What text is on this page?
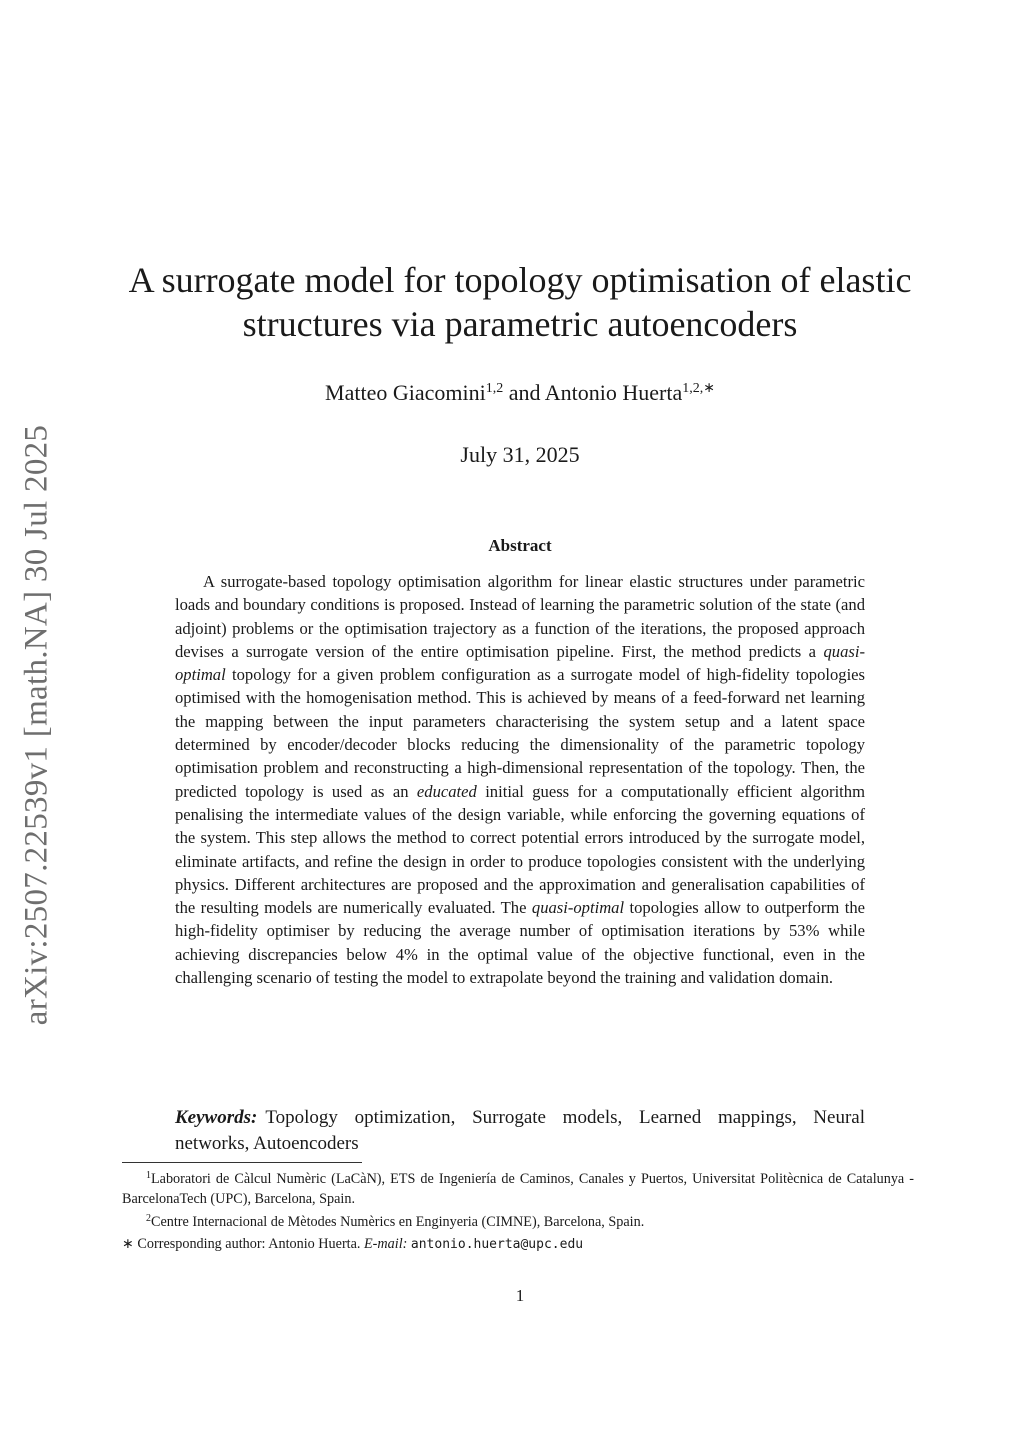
arXiv:2507.22539v1 [math.NA] 30 Jul 2025
A surrogate model for topology optimisation of elastic structures via parametric autoencoders
Matteo Giacomini$^{1,2}$ and Antonio Huerta$^{1,2,∗}$
July 31, 2025
Abstract
A surrogate-based topology optimisation algorithm for linear elastic structures under parametric loads and boundary conditions is proposed. Instead of learning the parametric solution of the state (and adjoint) problems or the optimisation trajectory as a function of the iterations, the proposed approach devises a surrogate version of the entire optimisation pipeline. First, the method predicts a quasi-optimal topology for a given problem configuration as a surrogate model of high-fidelity topologies optimised with the homogenisation method. This is achieved by means of a feed-forward net learning the mapping between the input parameters characterising the system setup and a latent space determined by encoder/decoder blocks reducing the dimensionality of the parametric topology optimisation problem and reconstructing a high-dimensional representation of the topology. Then, the predicted topology is used as an educated initial guess for a computationally efficient algorithm penalising the intermediate values of the design variable, while enforcing the governing equations of the system. This step allows the method to correct potential errors introduced by the surrogate model, eliminate artifacts, and refine the design in order to produce topologies consistent with the underlying physics. Different architectures are proposed and the approximation and generalisation capabilities of the resulting models are numerically evaluated. The quasi-optimal topologies allow to outperform the high-fidelity optimiser by reducing the average number of optimisation iterations by 53% while achieving discrepancies below 4% in the optimal value of the objective functional, even in the challenging scenario of testing the model to extrapolate beyond the training and validation domain.
Keywords: Topology optimization, Surrogate models, Learned mappings, Neural networks, Autoencoders
$^1$Laboratori de Càlcul Numèric (LaCàN), ETS de Ingeniería de Caminos, Canales y Puertos, Universitat Politècnica de Catalunya - BarcelonaTech (UPC), Barcelona, Spain.
$^2$Centre Internacional de Mètodes Numèrics en Enginyeria (CIMNE), Barcelona, Spain.
∗ Corresponding author: Antonio Huerta. E-mail: antonio.huerta@upc.edu
1
